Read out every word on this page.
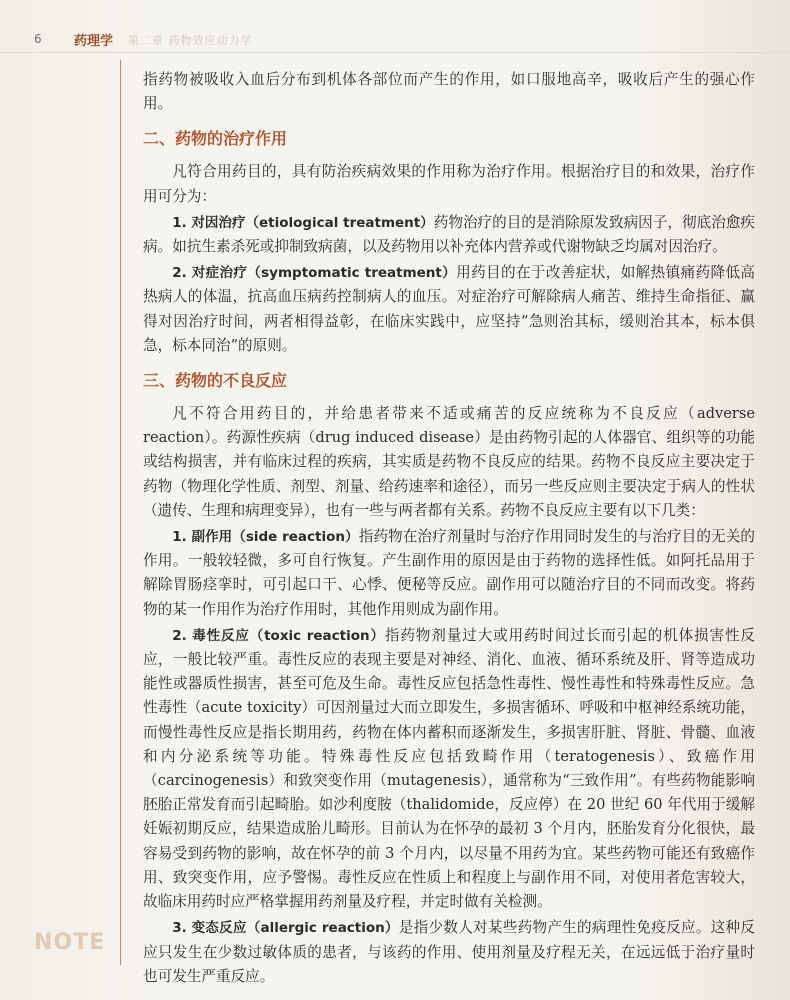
6 药理学 第二章 药物效应动力学

指药物被吸收入血后分布到机体各部位而产生的作用，如口服地高辛，吸收后产生的强心作用。

二、药物的治疗作用

凡符合用药目的，具有防治疾病效果的作用称为治疗作用。根据治疗目的和效果，治疗作用可分为：

1. 对因治疗（etiological treatment）药物治疗的目的是消除原发致病因子，彻底治愈疾病。如抗生素杀死或抑制致病菌，以及药物用以补充体内营养或代谢物缺乏均属对因治疗。

2. 对症治疗（symptomatic treatment）用药目的在于改善症状，如解热镇痛药降低高热病人的体温，抗高血压病药控制病人的血压。对症治疗可解除病人痛苦、维持生命指征、赢得对因治疗时间，两者相得益彰，在临床实践中，应坚持“急则治其标，缓则治其本，标本俱急，标本同治”的原则。

三、药物的不良反应

凡不符合用药目的，并给患者带来不适或痛苦的反应统称为不良反应（adverse reaction）。药源性疾病（drug induced disease）是由药物引起的人体器官、组织等的功能或结构损害，并有临床过程的疾病，其实质是药物不良反应的结果。药物不良反应主要决定于药物（物理化学性质、剂型、剂量、给药速率和途径），而另一些反应则主要决定于病人的性状（遗传、生理和病理变异），也有一些与两者都有关系。药物不良反应主要有以下几类：

1. 副作用（side reaction）指药物在治疗剂量时与治疗作用同时发生的与治疗目的无关的作用。一般较轻微，多可自行恢复。产生副作用的原因是由于药物的选择性低。如阿托品用于解除胃肠痉挛时，可引起口干、心悸、便秘等反应。副作用可以随治疗目的不同而改变。将药物的某一作用作为治疗作用时，其他作用则成为副作用。

2. 毒性反应（toxic reaction）指药物剂量过大或用药时间过长而引起的机体损害性反应，一般比较严重。毒性反应的表现主要是对神经、消化、血液、循环系统及肝、肾等造成功能性或器质性损害，甚至可危及生命。毒性反应包括急性毒性、慢性毒性和特殊毒性反应。急性毒性（acute toxicity）可因剂量过大而立即发生，多损害循环、呼吸和中枢神经系统功能，而慢性毒性反应是指长期用药，药物在体内蓄积而逐渐发生，多损害肝脏、肾脏、骨髓、血液和内分泌系统等功能。特殊毒性反应包括致畸作用（teratogenesis）、致癌作用（carcinogenesis）和致突变作用（mutagenesis），通常称为“三致作用”。有些药物能影响胚胎正常发育而引起畸胎。如沙利度胺（thalidomide，反应停）在 20 世纪 60 年代用于缓解妊娠初期反应，结果造成胎儿畸形。目前认为在怀孕的最初 3 个月内，胚胎发育分化很快，最容易受到药物的影响，故在怀孕的前 3 个月内，以尽量不用药为宜。某些药物可能还有致癌作用、致突变作用，应予警惕。毒性反应在性质上和程度上与副作用不同，对使用者危害较大，故临床用药时应严格掌握用药剂量及疗程，并定时做有关检测。

3. 变态反应（allergic reaction）是指少数人对某些药物产生的病理性免疫反应。这种反应只发生在少数过敏体质的患者，与该药的作用、使用剂量及疗程无关，在远远低于治疗量时也可发生严重反应。

NOTE
